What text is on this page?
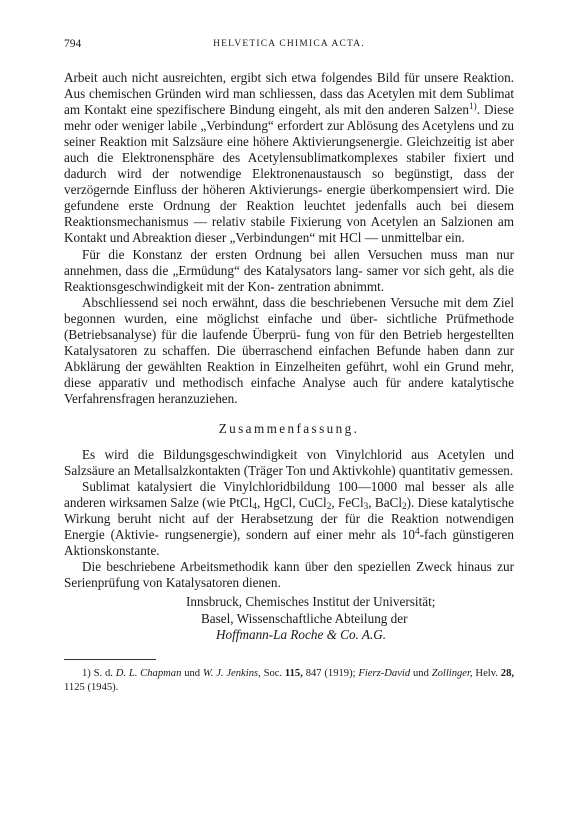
794	HELVETICA CHIMICA ACTA.

Arbeit auch nicht ausreichten, ergibt sich etwa folgendes Bild für unsere Reaktion. Aus chemischen Gründen wird man schliessen, dass das Acetylen mit dem Sublimat am Kontakt eine spezifischere Bindung eingeht, als mit den anderen Salzen$^{1)}$. Diese mehr oder weniger labile „Verbindung“ erfordert zur Ablösung des Acetylens und zu seiner Reaktion mit Salzsäure eine höhere Aktivierungsenergie. Gleichzeitig ist aber auch die Elektronensphäre des Acetylensublimatkomplexes stabiler fixiert und dadurch wird der notwendige Elektronenaustausch so begünstigt, dass der verzögernde Einfluss der höheren Aktivierungs- energie überkompensiert wird. Die gefundene erste Ordnung der Reaktion leuchtet jedenfalls auch bei diesem Reaktionsmechanismus — relativ stabile Fixierung von Acetylen an Salzionen am Kontakt und Abreaktion dieser „Verbindungen“ mit HCl — unmittelbar ein.

Für die Konstanz der ersten Ordnung bei allen Versuchen muss man nur annehmen, dass die „Ermüdung“ des Katalysators lang- samer vor sich geht, als die Reaktionsgeschwindigkeit mit der Kon- zentration abnimmt.

Abschliessend sei noch erwähnt, dass die beschriebenen Versuche mit dem Ziel begonnen wurden, eine möglichst einfache und über- sichtliche Prüfmethode (Betriebsanalyse) für die laufende Überprü- fung von für den Betrieb hergestellten Katalysatoren zu schaffen. Die überraschend einfachen Befunde haben dann zur Abklärung der gewählten Reaktion in Einzelheiten geführt, wohl ein Grund mehr, diese apparativ und methodisch einfache Analyse auch für andere katalytische Verfahrensfragen heranzuziehen.

Zusammenfassung.

Es wird die Bildungsgeschwindigkeit von Vinylchlorid aus Acetylen und Salzsäure an Metallsalzkontakten (Träger Ton und Aktivkohle) quantitativ gemessen.

Sublimat katalysiert die Vinylchloridbildung 100—1000 mal besser als alle anderen wirksamen Salze (wie PtCl$_4$, HgCl, CuCl$_2$, FeCl$_3$, BaCl$_2$). Diese katalytische Wirkung beruht nicht auf der Herabsetzung der für die Reaktion notwendigen Energie (Aktivie- rungsenergie), sondern auf einer mehr als $10^4$-fach günstigeren Aktionskonstante.

Die beschriebene Arbeitsmethodik kann über den speziellen Zweck hinaus zur Serienprüfung von Katalysatoren dienen.

Innsbruck, Chemisches Institut der Universität;
Basel, Wissenschaftliche Abteilung der
Hoffmann-La Roche & Co. A.G.
1) S. d. D. L. Chapman und W. J. Jenkins, Soc. 115, 847 (1919); Fierz-David und Zollinger, Helv. 28, 1125 (1945).
